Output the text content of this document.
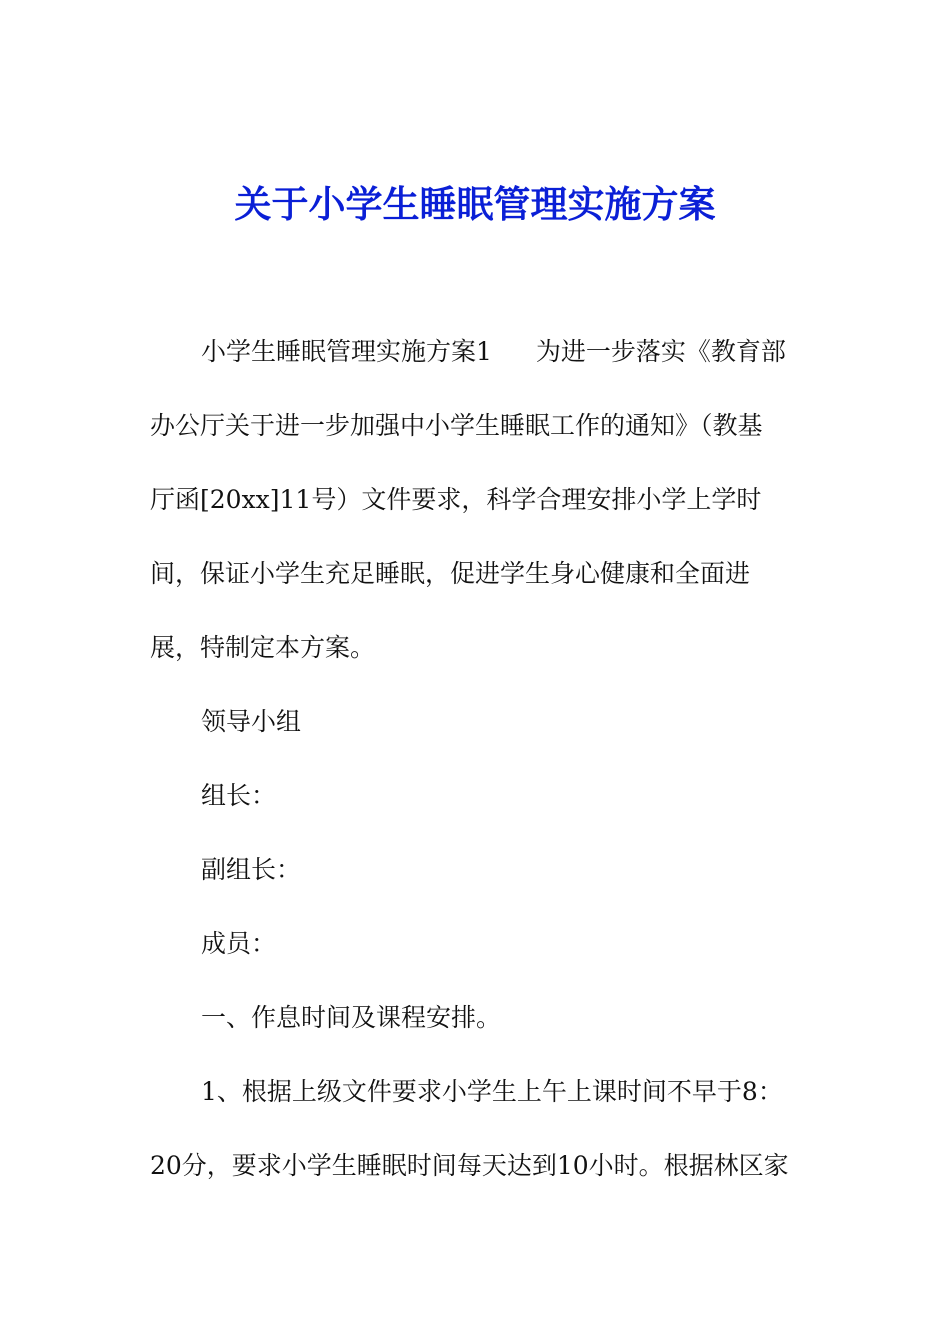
关于小学生睡眠管理实施方案
小学生睡眠管理实施方案1 为进一步落实《教育部
办公厅关于进一步加强中小学生睡眠工作的通知》（教基
厅函[20xx]11号）文件要求，科学合理安排小学上学时
间，保证小学生充足睡眠，促进学生身心健康和全面进
展，特制定本方案。
领导小组
组长：
副组长：
成员：
一、作息时间及课程安排。
1、根据上级文件要求小学生上午上课时间不早于8：
20分，要求小学生睡眠时间每天达到10小时。根据林区家
